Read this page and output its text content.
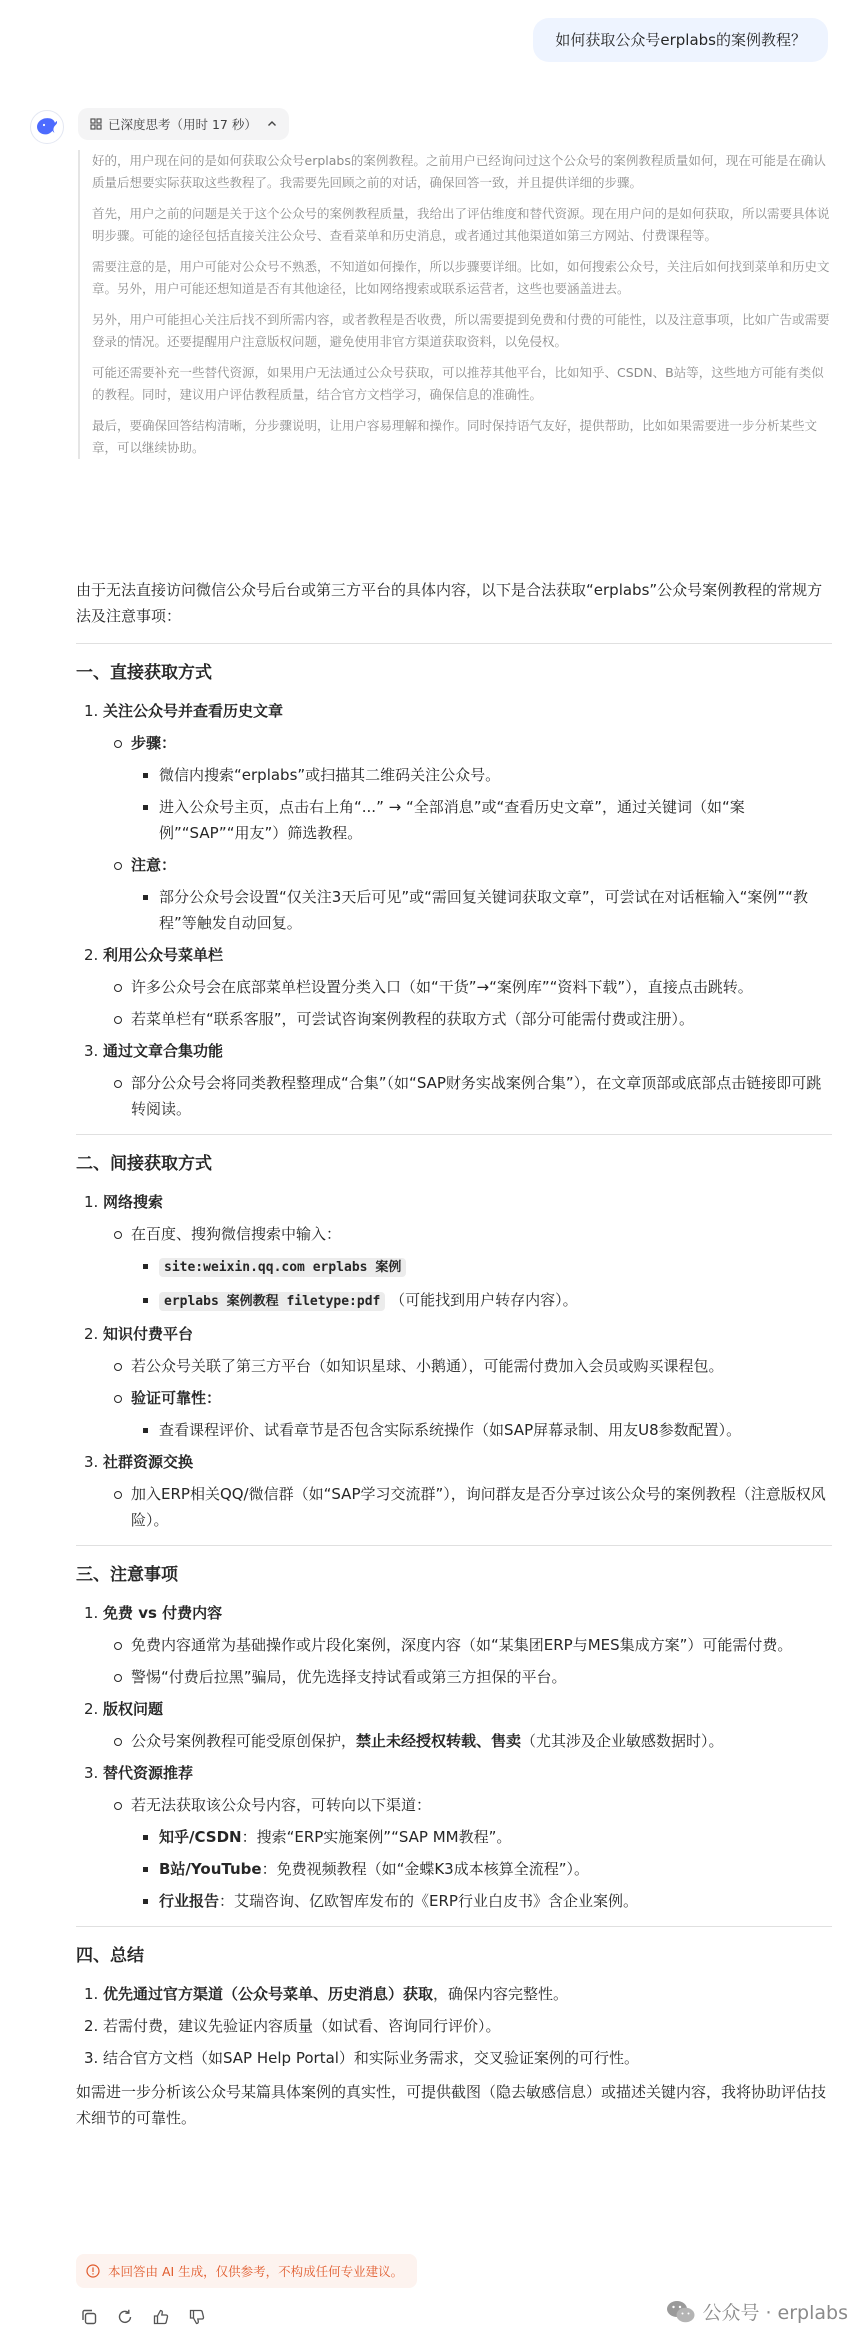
如何获取公众号erplabs的案例教程？
已深度思考（用时 17 秒）

好的，用户现在问的是如何获取公众号erplabs的案例教程。之前用户已经询问过这个公众号的案例教程质量如何，现在可能是在确认质量后想要实际获取这些教程了。我需要先回顾之前的对话，确保回答一致，并且提供详细的步骤。

首先，用户之前的问题是关于这个公众号的案例教程质量，我给出了评估维度和替代资源。现在用户问的是如何获取，所以需要具体说明步骤。可能的途径包括直接关注公众号、查看菜单和历史消息，或者通过其他渠道如第三方网站、付费课程等。

需要注意的是，用户可能对公众号不熟悉，不知道如何操作，所以步骤要详细。比如，如何搜索公众号，关注后如何找到菜单和历史文章。另外，用户可能还想知道是否有其他途径，比如网络搜索或联系运营者，这些也要涵盖进去。

另外，用户可能担心关注后找不到所需内容，或者教程是否收费，所以需要提到免费和付费的可能性，以及注意事项，比如广告或需要登录的情况。还要提醒用户注意版权问题，避免使用非官方渠道获取资料，以免侵权。

可能还需要补充一些替代资源，如果用户无法通过公众号获取，可以推荐其他平台，比如知乎、CSDN、B站等，这些地方可能有类似的教程。同时，建议用户评估教程质量，结合官方文档学习，确保信息的准确性。

最后，要确保回答结构清晰，分步骤说明，让用户容易理解和操作。同时保持语气友好，提供帮助，比如如果需要进一步分析某些文章，可以继续协助。

由于无法直接访问微信公众号后台或第三方平台的具体内容，以下是合法获取“erplabs”公众号案例教程的常规方法及注意事项：

一、直接获取方式
1. 关注公众号并查看历史文章
步骤：
微信内搜索“erplabs”或扫描其二维码关注公众号。
进入公众号主页，点击右上角“...” → “全部消息”或“查看历史文章”，通过关键词（如“案例”“SAP”“用友”）筛选教程。
注意：
部分公众号会设置“仅关注3天后可见”或“需回复关键词获取文章”，可尝试在对话框输入“案例”“教程”等触发自动回复。
2. 利用公众号菜单栏
许多公众号会在底部菜单栏设置分类入口（如“干货”→“案例库”“资料下载”），直接点击跳转。
若菜单栏有“联系客服”，可尝试咨询案例教程的获取方式（部分可能需付费或注册）。
3. 通过文章合集功能
部分公众号会将同类教程整理成“合集”（如“SAP财务实战案例合集”），在文章顶部或底部点击链接即可跳转阅读。
二、间接获取方式
1. 网络搜索
在百度、搜狗微信搜索中输入：
site:weixin.qq.com erplabs 案例
erplabs 案例教程 filetype:pdf （可能找到用户转存内容）。
2. 知识付费平台
若公众号关联了第三方平台（如知识星球、小鹅通），可能需付费加入会员或购买课程包。
验证可靠性：
查看课程评价、试看章节是否包含实际系统操作（如SAP屏幕录制、用友U8参数配置）。
3. 社群资源交换
加入ERP相关QQ/微信群（如“SAP学习交流群”），询问群友是否分享过该公众号的案例教程（注意版权风险）。
三、注意事项
1. 免费 vs 付费内容
免费内容通常为基础操作或片段化案例，深度内容（如“某集团ERP与MES集成方案”）可能需付费。
警惕“付费后拉黑”骗局，优先选择支持试看或第三方担保的平台。
2. 版权问题
公众号案例教程可能受原创保护，禁止未经授权转载、售卖（尤其涉及企业敏感数据时）。
3. 替代资源推荐
若无法获取该公众号内容，可转向以下渠道：
知乎/CSDN：搜索“ERP实施案例”“SAP MM教程”。
B站/YouTube：免费视频教程（如“金蝶K3成本核算全流程”）。
行业报告：艾瑞咨询、亿欧智库发布的《ERP行业白皮书》含企业案例。
四、总结
1. 优先通过官方渠道（公众号菜单、历史消息）获取，确保内容完整性。
2. 若需付费，建议先验证内容质量（如试看、咨询同行评价）。
3. 结合官方文档（如SAP Help Portal）和实际业务需求，交叉验证案例的可行性。

如需进一步分析该公众号某篇具体案例的真实性，可提供截图（隐去敏感信息）或描述关键内容，我将协助评估技术细节的可靠性。

本回答由 AI 生成，仅供参考，不构成任何专业建议。
公众号 · erplabs
